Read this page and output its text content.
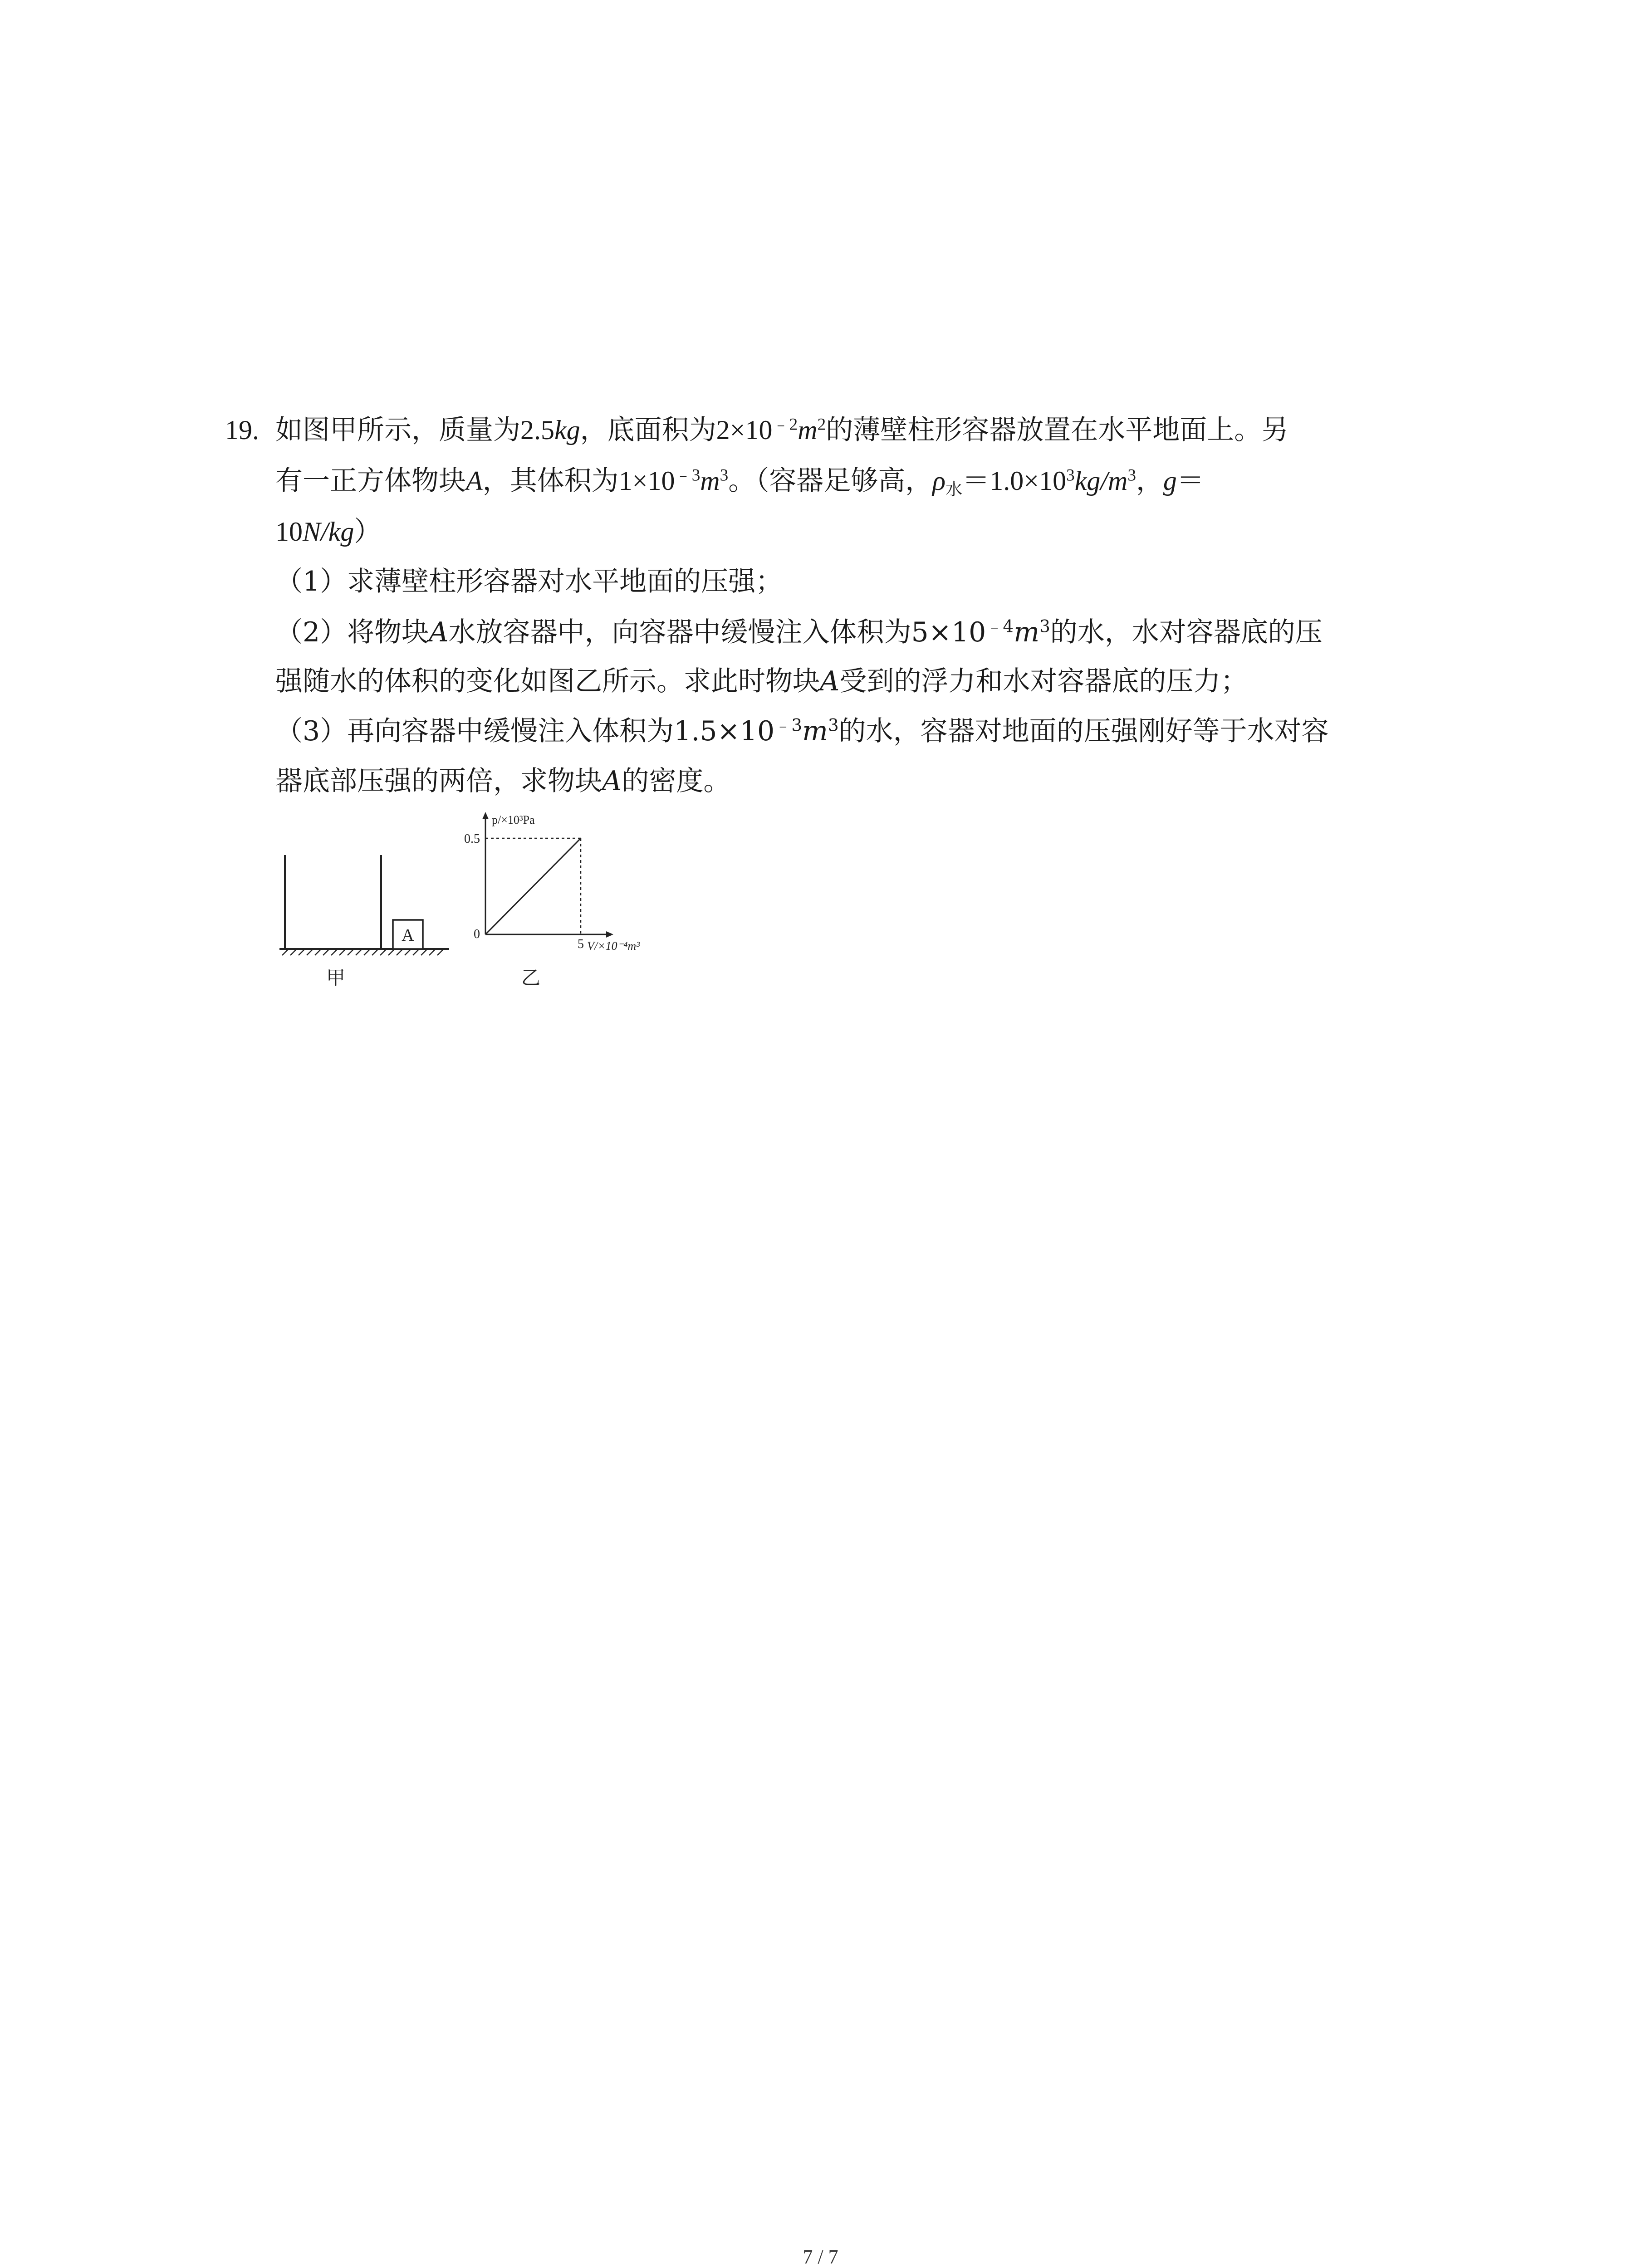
19. 如图甲所示，质量为2.5kg，底面积为$2\times 10^{﹣2}m^2$的薄壁柱形容器放置在水平地面上。另
有一正方体物块A，其体积为$1\times 10^{﹣3}m^3$。（容器足够高，$\rho_水=1.0\times 10^3kg/m^3$，g＝
10N/kg）
（1）求薄壁柱形容器对水平地面的压强；
（2）将物块A水放容器中，向容器中缓慢注入体积为$5\times 10^{﹣4}m^3$的水，水对容器底的压
强随水的体积的变化如图乙所示。求此时物块A受到的浮力和水对容器底的压力；
（3）再向容器中缓慢注入体积为$1.5\times 10^{﹣3}m^3$的水，容器对地面的压强刚好等于水对容
器底部压强的两倍，求物块A的密度。
A
甲
p/×10³Pa
0.5
0
5 V/×10⁻⁴m³
乙
7 / 7
